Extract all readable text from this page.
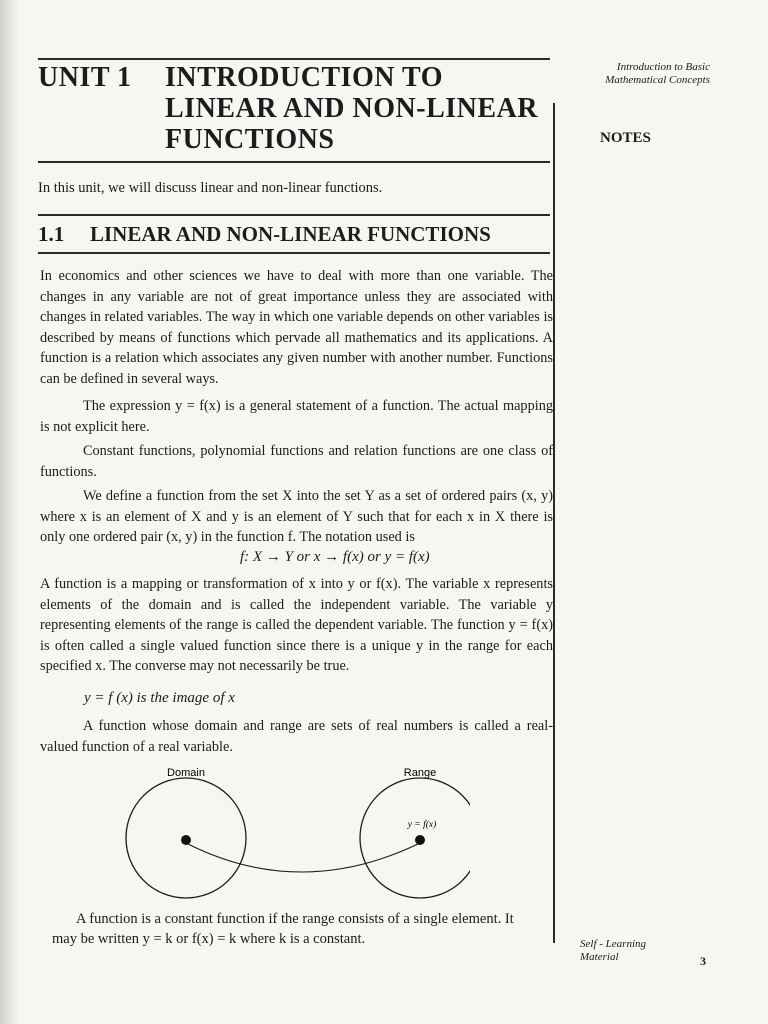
UNIT 1 INTRODUCTION TO
LINEAR AND NON-LINEAR
FUNCTIONS
Introduction to Basic
Mathematical Concepts
NOTES
In this unit, we will discuss linear and non-linear functions.
1.1 LINEAR AND NON-LINEAR FUNCTIONS

In economics and other sciences we have to deal with more than one variable. The changes in any variable are not of great importance unless they are associated with changes in related variables. The way in which one variable depends on other variables is described by means of functions which pervade all mathematics and its applications. A function is a relation which associates any given number with another number. Functions can be defined in several ways.

The expression y = f(x) is a general statement of a function. The actual mapping is not explicit here.

Constant functions, polynomial functions and relation functions are one class of functions.

We define a function from the set X into the set Y as a set of ordered pairs (x, y) where x is an element of X and y is an element of Y such that for each x in X there is only one ordered pair (x, y) in the function f. The notation used is

f: X → Y or x → f(x) or y = f(x)

A function is a mapping or transformation of x into y or f(x). The variable x represents elements of the domain and is called the independent variable. The variable y representing elements of the range is called the dependent variable. The function y = f(x) is often called a single valued function since there is a unique y in the range for each specified x. The converse may not necessarily be true.

y = f (x) is the image of x

A function whose domain and range are sets of real numbers is called a real-valued function of a real variable.

Domain	Range
y = f(x)

A function is a constant function if the range consists of a single element. It

may be written y = k or f(x) = k where k is a constant.	Self - Learning
Material	3
